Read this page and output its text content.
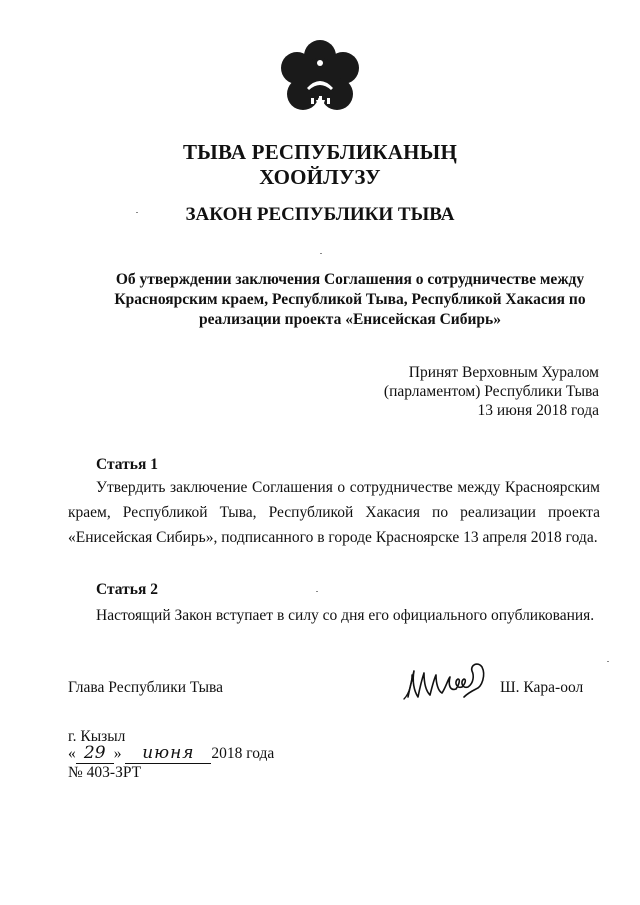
ТЫВА РЕСПУБЛИКАНЫҢ
ХООЙЛУЗУ
ЗАКОН РЕСПУБЛИКИ ТЫВА
Об утверждении заключения Соглашения о сотрудничестве между
Красноярским краем, Республикой Тыва, Республикой Хакасия по
реализации проекта «Енисейская Сибирь»
Принят Верховным Хуралом
(парламентом) Республики Тыва
13 июня 2018 года
Статья 1
Утвердить заключение Соглашения о сотрудничестве между Красноярским
краем, Республикой Тыва, Республикой Хакасия по реализации проекта
«Енисейская Сибирь», подписанного в городе Красноярске 13 апреля 2018 года.
Статья 2
Настоящий Закон вступает в силу со дня его официального опубликования.
Глава Республики Тыва	Ш. Кара-оол
г. Кызыл
« 29 » июня 2018 года
№ 403-ЗРТ
